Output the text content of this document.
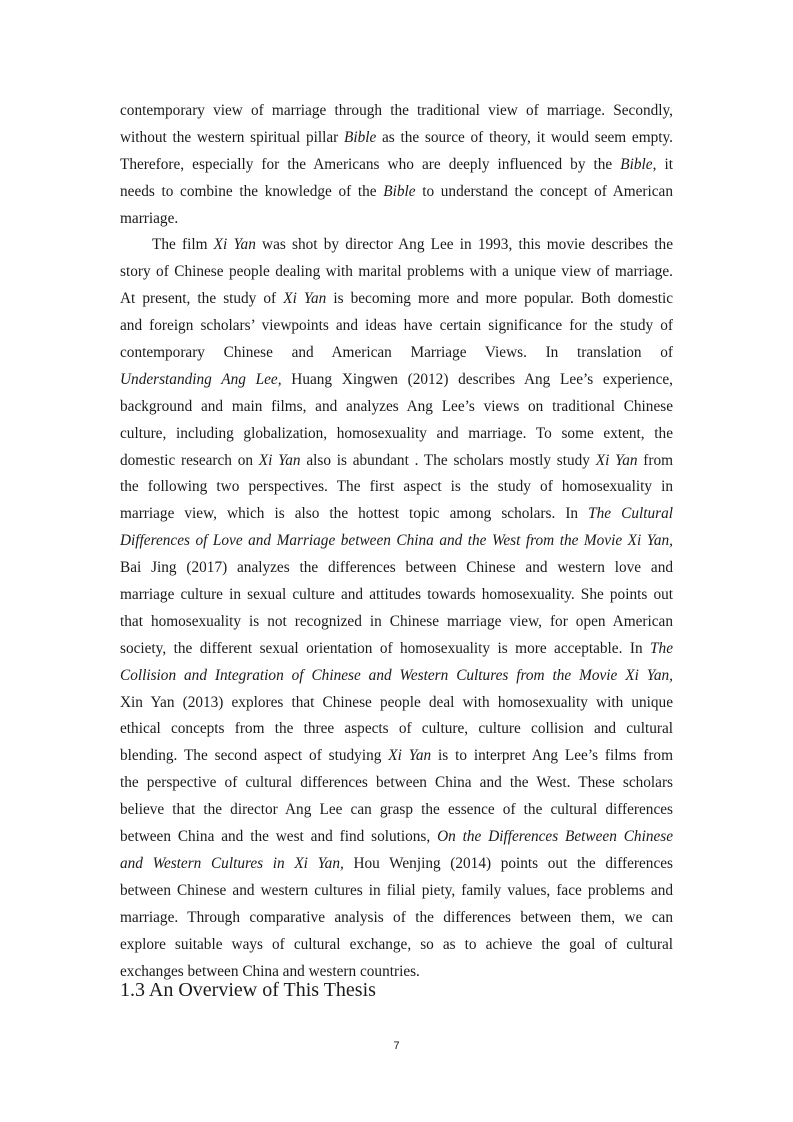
contemporary view of marriage through the traditional view of marriage. Secondly,
without the western spiritual pillar Bible as the source of theory, it would seem empty.
Therefore, especially for the Americans who are deeply influenced by the Bible, it
needs to combine the knowledge of the Bible to understand the concept of American
marriage.
The film Xi Yan was shot by director Ang Lee in 1993, this movie describes the
story of Chinese people dealing with marital problems with a unique view of marriage.
At present, the study of Xi Yan is becoming more and more popular. Both domestic
and foreign scholars’ viewpoints and ideas have certain significance for the study of
contemporary Chinese and American Marriage Views. In translation of
Understanding Ang Lee, Huang Xingwen (2012) describes Ang Lee’s experience,
background and main films, and analyzes Ang Lee’s views on traditional Chinese
culture, including globalization, homosexuality and marriage. To some extent, the
domestic research on Xi Yan also is abundant . The scholars mostly study Xi Yan from
the following two perspectives. The first aspect is the study of homosexuality in
marriage view, which is also the hottest topic among scholars. In The Cultural
Differences of Love and Marriage between China and the West from the Movie Xi Yan,
Bai Jing (2017) analyzes the differences between Chinese and western love and
marriage culture in sexual culture and attitudes towards homosexuality. She points out
that homosexuality is not recognized in Chinese marriage view, for open American
society, the different sexual orientation of homosexuality is more acceptable. In The
Collision and Integration of Chinese and Western Cultures from the Movie Xi Yan,
Xin Yan (2013) explores that Chinese people deal with homosexuality with unique
ethical concepts from the three aspects of culture, culture collision and cultural
blending. The second aspect of studying Xi Yan is to interpret Ang Lee’s films from
the perspective of cultural differences between China and the West. These scholars
believe that the director Ang Lee can grasp the essence of the cultural differences
between China and the west and find solutions, On the Differences Between Chinese
and Western Cultures in Xi Yan, Hou Wenjing (2014) points out the differences
between Chinese and western cultures in filial piety, family values, face problems and
marriage. Through comparative analysis of the differences between them, we can
explore suitable ways of cultural exchange, so as to achieve the goal of cultural
exchanges between China and western countries.
1.3 An Overview of This Thesis
7
